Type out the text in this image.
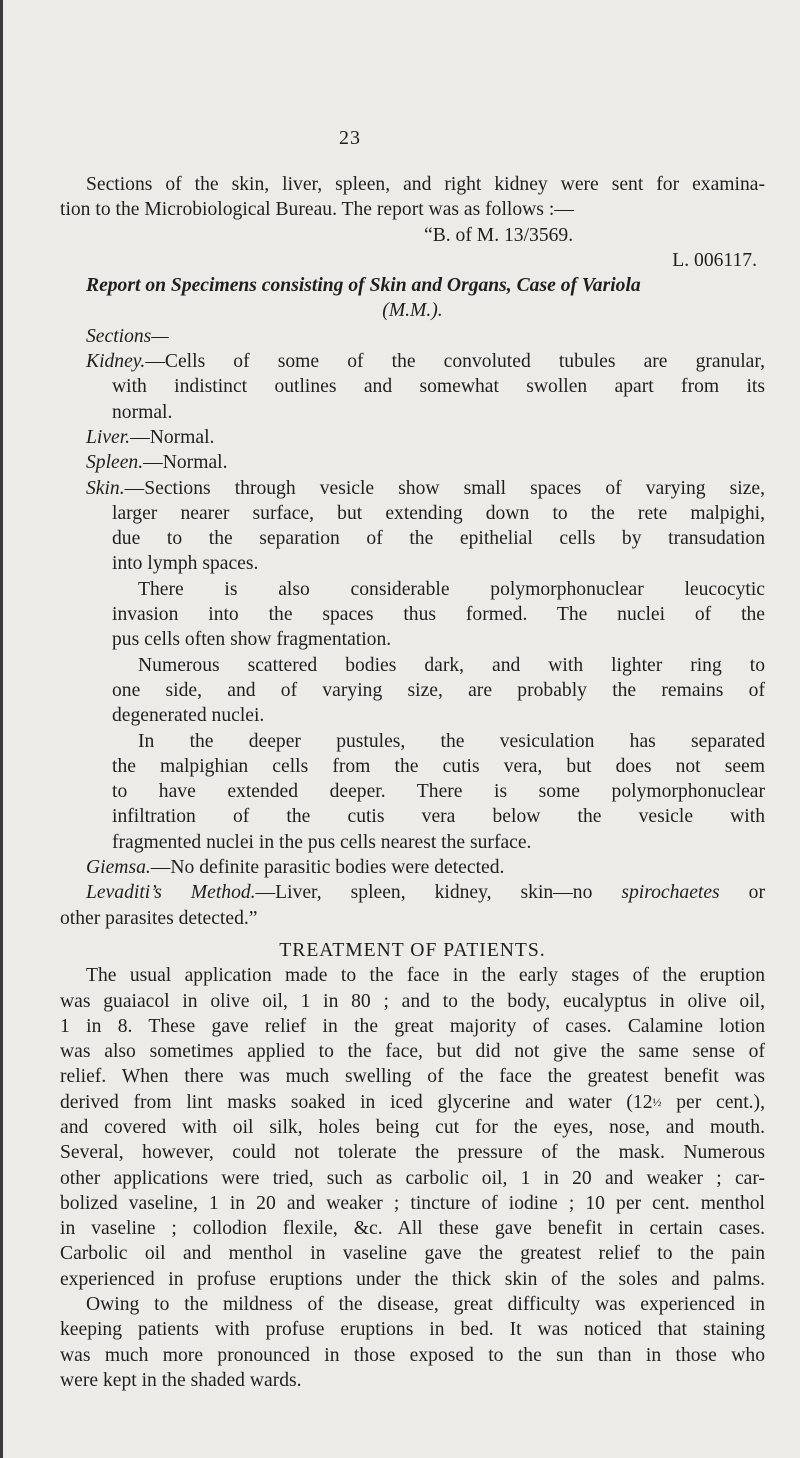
23

Sections of the skin, liver, spleen, and right kidney were sent for examina-

tion to the Microbiological Bureau. The report was as follows :—

“B. of M. 13/3569.

L. 006117.

Report on Specimens consisting of Skin and Organs, Case of Variola

(M.M.).

Sections—

Kidney.—Cells of some of the convoluted tubules are granular,

with indistinct outlines and somewhat swollen apart from its

normal.

Liver.—Normal.

Spleen.—Normal.

Skin.—Sections through vesicle show small spaces of varying size,

larger nearer surface, but extending down to the rete malpighi,

due to the separation of the epithelial cells by transudation

into lymph spaces.

There is also considerable polymorphonuclear leucocytic

invasion into the spaces thus formed. The nuclei of the

pus cells often show fragmentation.

Numerous scattered bodies dark, and with lighter ring to

one side, and of varying size, are probably the remains of

degenerated nuclei.

In the deeper pustules, the vesiculation has separated

the malpighian cells from the cutis vera, but does not seem

to have extended deeper. There is some polymorphonuclear

infiltration of the cutis vera below the vesicle with

fragmented nuclei in the pus cells nearest the surface.

Giemsa.—No definite parasitic bodies were detected.

Levaditi’s Method.—Liver, spleen, kidney, skin—no spirochaetes or

other parasites detected.”

TREATMENT OF PATIENTS.

The usual application made to the face in the early stages of the eruption

was guaiacol in olive oil, 1 in 80 ; and to the body, eucalyptus in olive oil,

1 in 8. These gave relief in the great majority of cases. Calamine lotion

was also sometimes applied to the face, but did not give the same sense of

relief. When there was much swelling of the face the greatest benefit was

derived from lint masks soaked in iced glycerine and water (12½ per cent.),

and covered with oil silk, holes being cut for the eyes, nose, and mouth.

Several, however, could not tolerate the pressure of the mask. Numerous

other applications were tried, such as carbolic oil, 1 in 20 and weaker ; car-

bolized vaseline, 1 in 20 and weaker ; tincture of iodine ; 10 per cent. menthol

in vaseline ; collodion flexile, &c. All these gave benefit in certain cases.

Carbolic oil and menthol in vaseline gave the greatest relief to the pain

experienced in profuse eruptions under the thick skin of the soles and palms.

Owing to the mildness of the disease, great difficulty was experienced in

keeping patients with profuse eruptions in bed. It was noticed that staining

was much more pronounced in those exposed to the sun than in those who

were kept in the shaded wards.
